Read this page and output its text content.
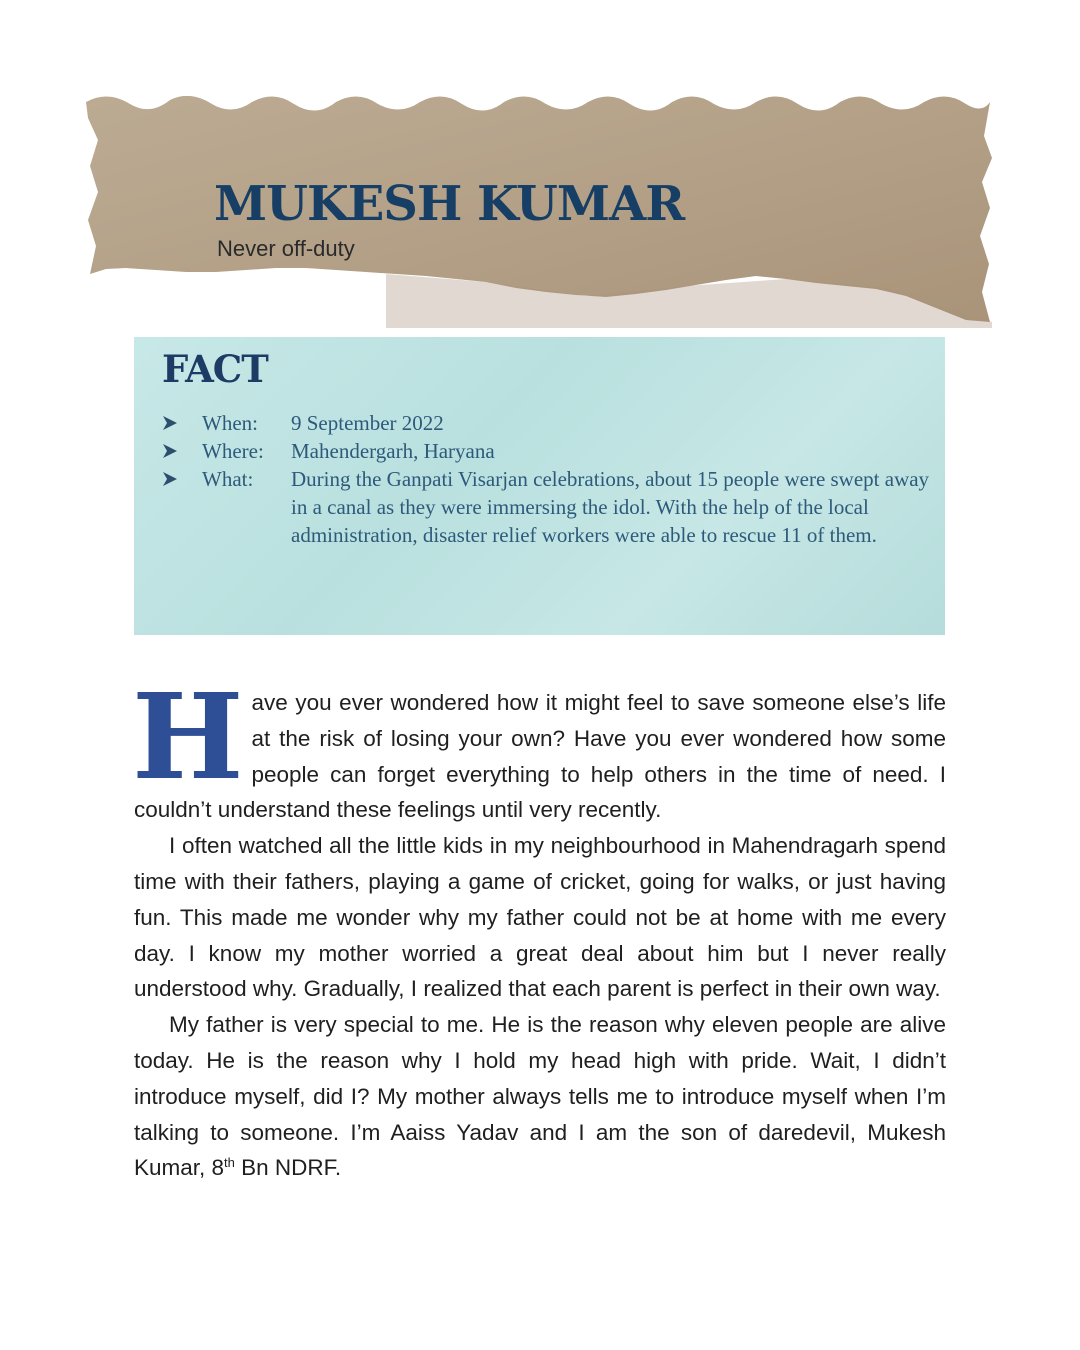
MUKESH KUMAR

Never off-duty

FACT
When:	9 September 2022
Where:	Mahendergarh, Haryana
What:	During the Ganpati Visarjan celebrations, about 15 people were swept away in a canal as they were immersing the idol. With the help of the local administration, disaster relief workers were able to rescue 11 of them.

Have you ever wondered how it might feel to save someone else’s life at the risk of losing your own? Have you ever wondered how some people can forget everything to help others in the time of need. I couldn’t understand these feelings until very recently.

I often watched all the little kids in my neighbourhood in Mahendragarh spend time with their fathers, playing a game of cricket, going for walks, or just having fun. This made me wonder why my father could not be at home with me every day. I know my mother worried a great deal about him but I never really understood why. Gradually, I realized that each parent is perfect in their own way.

My father is very special to me. He is the reason why eleven people are alive today. He is the reason why I hold my head high with pride. Wait, I didn’t introduce myself, did I? My mother always tells me to introduce myself when I’m talking to someone. I’m Aaiss Yadav and I am the son of daredevil, Mukesh Kumar, 8th Bn NDRF.
